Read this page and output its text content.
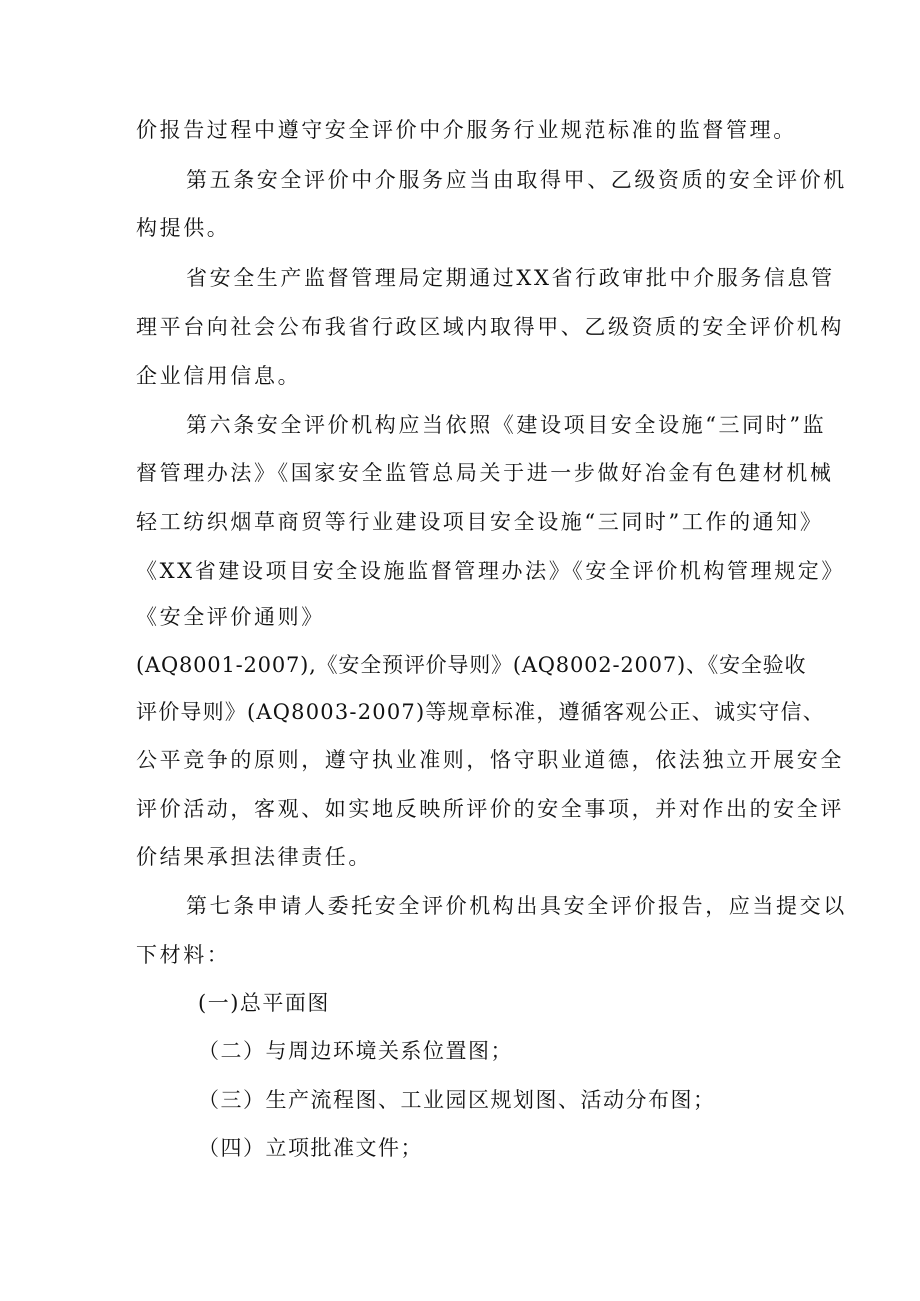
价报告过程中遵守安全评价中介服务行业规范标准的监督管理。
第五条安全评价中介服务应当由取得甲、乙级资质的安全评价机
构提供。
省安全生产监督管理局定期通过XX省行政审批中介服务信息管
理平台向社会公布我省行政区域内取得甲、乙级资质的安全评价机构
企业信用信息。
第六条安全评价机构应当依照《建设项目安全设施“三同时”监
督管理办法》《国家安全监管总局关于进一步做好冶金有色建材机械
轻工纺织烟草商贸等行业建设项目安全设施“三同时”工作的通知》
《XX省建设项目安全设施监督管理办法》《安全评价机构管理规定》
《安全评价通则》
(AQ8001-2007),《安全预评价导则》(AQ8002-2007)、《安全验收
评价导则》(AQ8003-2007)等规章标准，遵循客观公正、诚实守信、
公平竞争的原则，遵守执业准则，恪守职业道德，依法独立开展安全
评价活动，客观、如实地反映所评价的安全事项，并对作出的安全评
价结果承担法律责任。
第七条申请人委托安全评价机构出具安全评价报告，应当提交以
下材料：
(一)总平面图
（二）与周边环境关系位置图；
（三）生产流程图、工业园区规划图、活动分布图；
（四）立项批准文件；
